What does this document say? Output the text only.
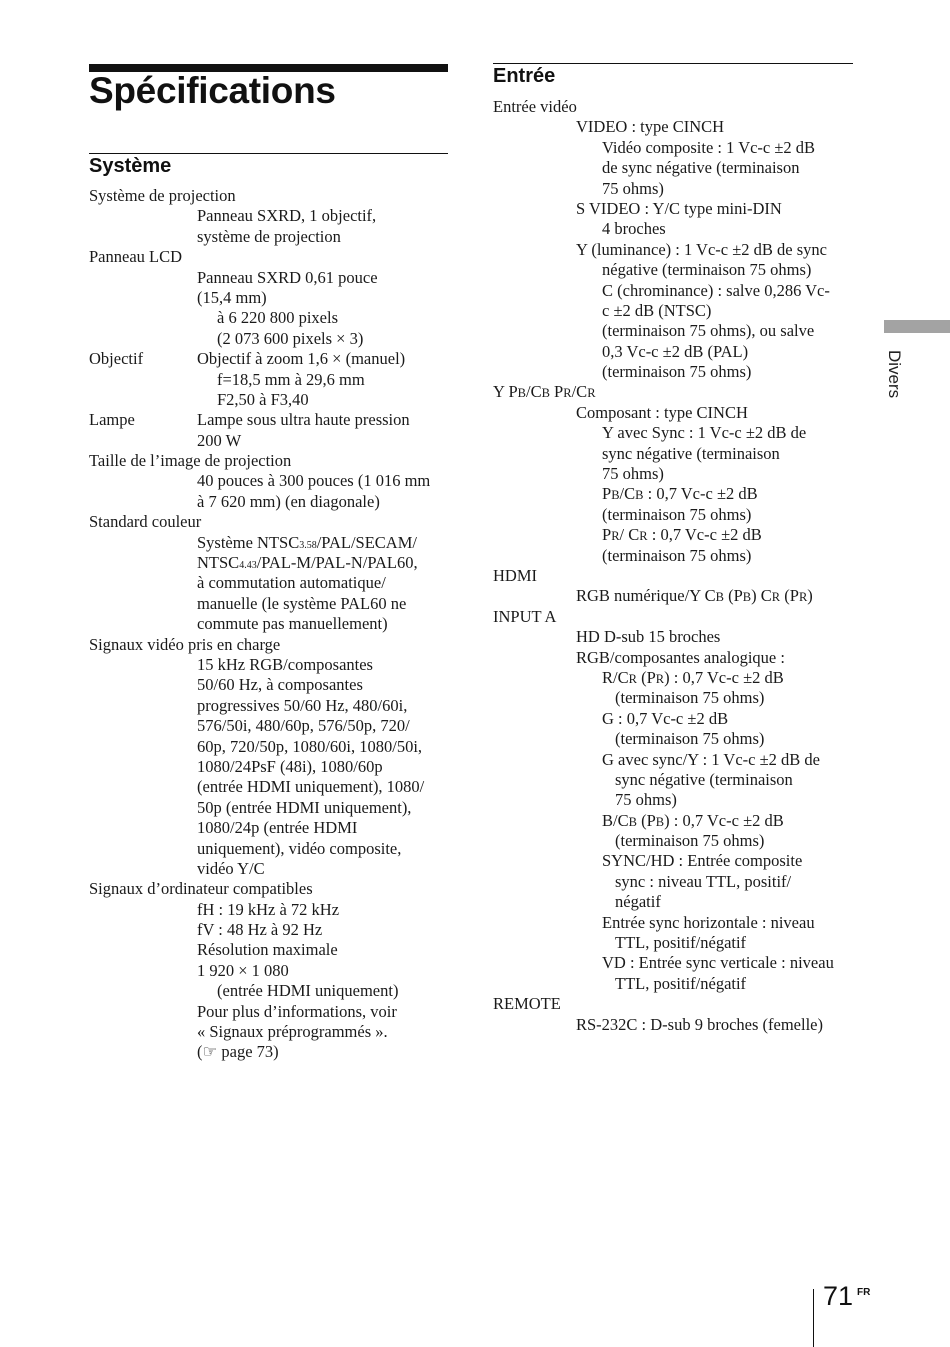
Spécifications
Système
Système de projection
Panneau SXRD, 1 objectif,
système de projection
Panneau LCD
Panneau SXRD 0,61 pouce
(15,4 mm)
à 6 220 800 pixels
(2 073 600 pixels × 3)
Objectif	Objectif à zoom 1,6 × (manuel)
f=18,5 mm à 29,6 mm
F2,50 à F3,40
Lampe	Lampe sous ultra haute pression
200 W
Taille de l’image de projection
40 pouces à 300 pouces (1 016 mm
à 7 620 mm) (en diagonale)
Standard couleur
Système NTSC3.58/PAL/SECAM/
NTSC4.43/PAL-M/PAL-N/PAL60,
à commutation automatique/
manuelle (le système PAL60 ne
commute pas manuellement)
Signaux vidéo pris en charge
15 kHz RGB/composantes
50/60 Hz, à composantes
progressives 50/60 Hz, 480/60i,
576/50i, 480/60p, 576/50p, 720/
60p, 720/50p, 1080/60i, 1080/50i,
1080/24PsF (48i), 1080/60p
(entrée HDMI uniquement), 1080/
50p (entrée HDMI uniquement),
1080/24p (entrée HDMI
uniquement), vidéo composite,
vidéo Y/C
Signaux d’ordinateur compatibles
fH : 19 kHz à 72 kHz
fV : 48 Hz à 92 Hz
Résolution maximale
1 920 × 1 080
(entrée HDMI uniquement)
Pour plus d’informations, voir
« Signaux préprogrammés ».
(☞ page 73)
Entrée
Entrée vidéo
VIDEO : type CINCH
Vidéo composite : 1 Vc-c ±2 dB
de sync négative (terminaison
75 ohms)
S VIDEO : Y/C type mini-DIN
4 broches
Y (luminance) : 1 Vc-c ±2 dB de sync
négative (terminaison 75 ohms)
C (chrominance) : salve 0,286 Vc-
c ±2 dB (NTSC)
(terminaison 75 ohms), ou salve
0,3 Vc-c ±2 dB (PAL)
(terminaison 75 ohms)
Y PB/CB PR/CR
Composant : type CINCH
Y avec Sync : 1 Vc-c ±2 dB de
sync négative (terminaison
75 ohms)
PB/CB : 0,7 Vc-c ±2 dB
(terminaison 75 ohms)
PR/ CR : 0,7 Vc-c ±2 dB
(terminaison 75 ohms)
HDMI
RGB numérique/Y CB (PB) CR (PR)
INPUT A
HD D-sub 15 broches
RGB/composantes analogique :
R/CR (PR) : 0,7 Vc-c ±2 dB
(terminaison 75 ohms)
G : 0,7 Vc-c ±2 dB
(terminaison 75 ohms)
G avec sync/Y : 1 Vc-c ±2 dB de
sync négative (terminaison
75 ohms)
B/CB (PB) : 0,7 Vc-c ±2 dB
(terminaison 75 ohms)
SYNC/HD : Entrée composite
sync : niveau TTL, positif/
négatif
Entrée sync horizontale : niveau
TTL, positif/négatif
VD : Entrée sync verticale : niveau
TTL, positif/négatif
REMOTE
RS-232C : D-sub 9 broches (femelle)
Divers
71 FR
